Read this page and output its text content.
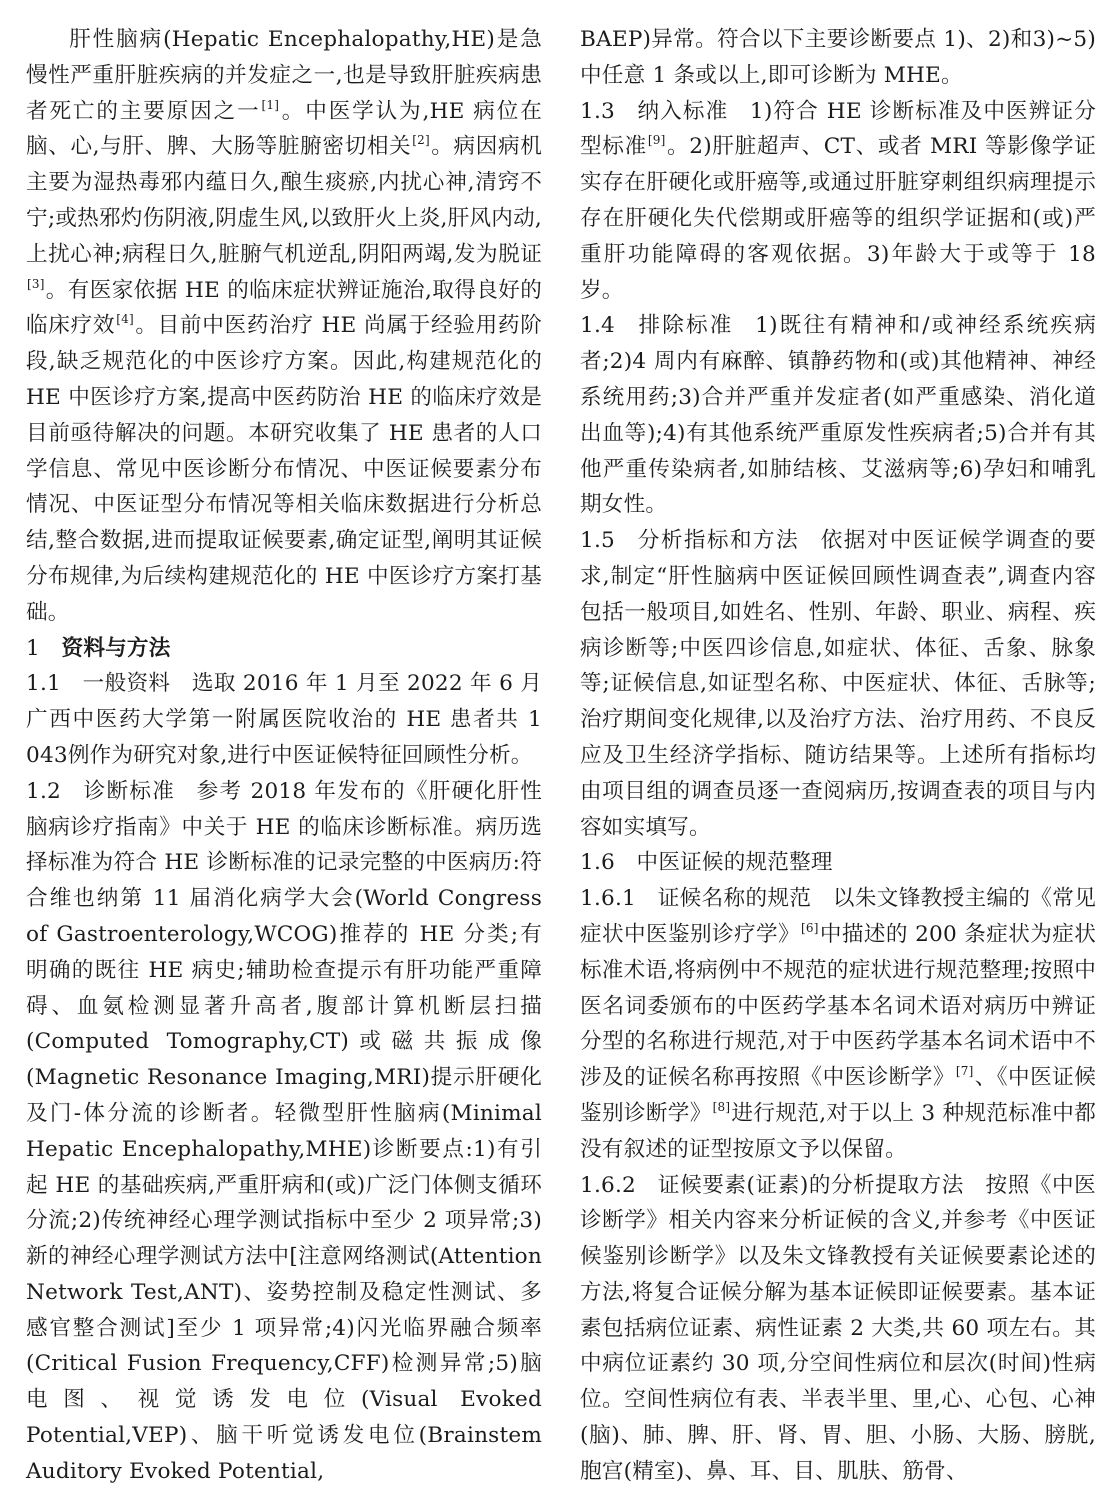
肝性脑病(Hepatic Encephalopathy,HE)是急慢性严重肝脏疾病的并发症之一,也是导致肝脏疾病患者死亡的主要原因之一[1]。中医学认为,HE 病位在脑、心,与肝、脾、大肠等脏腑密切相关[2]。病因病机主要为湿热毒邪内蕴日久,酿生痰瘀,内扰心神,清窍不宁;或热邪灼伤阴液,阴虚生风,以致肝火上炎,肝风内动,上扰心神;病程日久,脏腑气机逆乱,阴阳两竭,发为脱证[3]。有医家依据 HE 的临床症状辨证施治,取得良好的临床疗效[4]。目前中医药治疗 HE 尚属于经验用药阶段,缺乏规范化的中医诊疗方案。因此,构建规范化的 HE 中医诊疗方案,提高中医药防治 HE 的临床疗效是目前亟待解决的问题。本研究收集了 HE 患者的人口学信息、常见中医诊断分布情况、中医证候要素分布情况、中医证型分布情况等相关临床数据进行分析总结,整合数据,进而提取证候要素,确定证型,阐明其证候分布规律,为后续构建规范化的 HE 中医诊疗方案打基础。

1 资料与方法

1.1 一般资料 选取 2016 年 1 月至 2022 年 6 月广西中医药大学第一附属医院收治的 HE 患者共 1 043例作为研究对象,进行中医证候特征回顾性分析。

1.2 诊断标准 参考 2018 年发布的《肝硬化肝性脑病诊疗指南》中关于 HE 的临床诊断标准。病历选择标准为符合 HE 诊断标准的记录完整的中医病历:符合维也纳第 11 届消化病学大会(World Congress of Gastroenterology,WCOG)推荐的 HE 分类;有明确的既往 HE 病史;辅助检查提示有肝功能严重障碍、血氨检测显著升高者,腹部计算机断层扫描(Computed Tomography,CT)或磁共振成像(Magnetic Resonance Imaging,MRI)提示肝硬化及门-体分流的诊断者。轻微型肝性脑病(Minimal Hepatic Encephalopathy,MHE)诊断要点:1)有引起 HE 的基础疾病,严重肝病和(或)广泛门体侧支循环分流;2)传统神经心理学测试指标中至少 2 项异常;3)新的神经心理学测试方法中[注意网络测试(Attention Network Test,ANT)、姿势控制及稳定性测试、多感官整合测试]至少 1 项异常;4)闪光临界融合频率(Critical Fusion Frequency,CFF)检测异常;5)脑电图、视觉诱发电位(Visual Evoked Potential,VEP)、脑干听觉诱发电位(Brainstem Auditory Evoked Potential,

BAEP)异常。符合以下主要诊断要点 1)、2)和3)~5)中任意 1 条或以上,即可诊断为 MHE。

1.3 纳入标准 1)符合 HE 诊断标准及中医辨证分型标准[9]。2)肝脏超声、CT、或者 MRI 等影像学证实存在肝硬化或肝癌等,或通过肝脏穿刺组织病理提示存在肝硬化失代偿期或肝癌等的组织学证据和(或)严重肝功能障碍的客观依据。3)年龄大于或等于 18 岁。

1.4 排除标准 1)既往有精神和/或神经系统疾病者;2)4 周内有麻醉、镇静药物和(或)其他精神、神经系统用药;3)合并严重并发症者(如严重感染、消化道出血等);4)有其他系统严重原发性疾病者;5)合并有其他严重传染病者,如肺结核、艾滋病等;6)孕妇和哺乳期女性。

1.5 分析指标和方法 依据对中医证候学调查的要求,制定“肝性脑病中医证候回顾性调查表”,调查内容包括一般项目,如姓名、性别、年龄、职业、病程、疾病诊断等;中医四诊信息,如症状、体征、舌象、脉象等;证候信息,如证型名称、中医症状、体征、舌脉等;治疗期间变化规律,以及治疗方法、治疗用药、不良反应及卫生经济学指标、随访结果等。上述所有指标均由项目组的调查员逐一查阅病历,按调查表的项目与内容如实填写。

1.6 中医证候的规范整理

1.6.1 证候名称的规范 以朱文锋教授主编的《常见症状中医鉴别诊疗学》[6]中描述的 200 条症状为症状标准术语,将病例中不规范的症状进行规范整理;按照中医名词委颁布的中医药学基本名词术语对病历中辨证分型的名称进行规范,对于中医药学基本名词术语中不涉及的证候名称再按照《中医诊断学》[7]、《中医证候鉴别诊断学》[8]进行规范,对于以上 3 种规范标准中都没有叙述的证型按原文予以保留。

1.6.2 证候要素(证素)的分析提取方法 按照《中医诊断学》相关内容来分析证候的含义,并参考《中医证候鉴别诊断学》以及朱文锋教授有关证候要素论述的方法,将复合证候分解为基本证候即证候要素。基本证素包括病位证素、病性证素 2 大类,共 60 项左右。其中病位证素约 30 项,分空间性病位和层次(时间)性病位。空间性病位有表、半表半里、里,心、心包、心神(脑)、肺、脾、肝、肾、胃、胆、小肠、大肠、膀胱,胞宫(精室)、鼻、耳、目、肌肤、筋骨、
